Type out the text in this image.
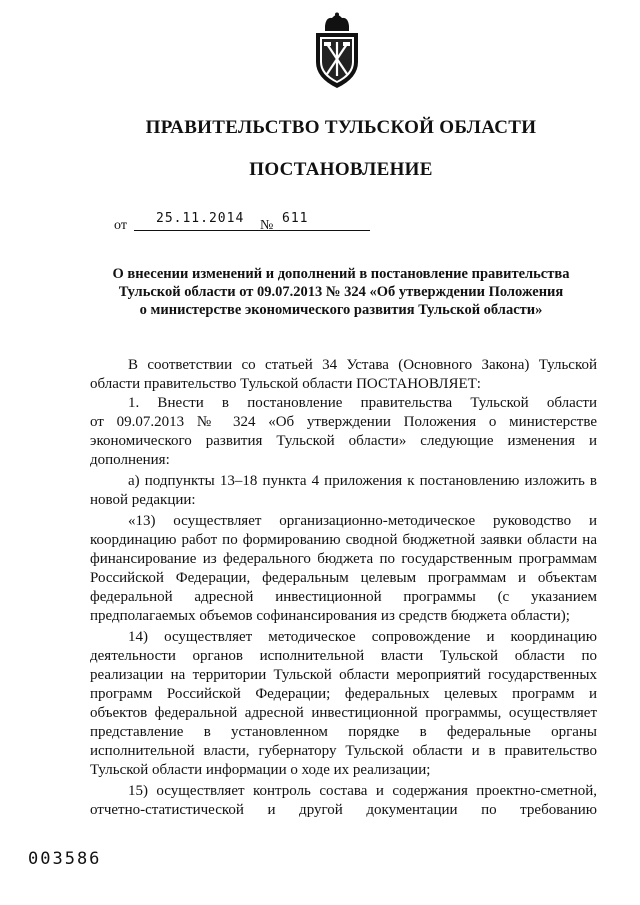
ПРАВИТЕЛЬСТВО ТУЛЬСКОЙ ОБЛАСТИ
ПОСТАНОВЛЕНИЕ
от 25.11.2014 № 611
О внесении изменений и дополнений в постановление правительства
Тульской области от 09.07.2013 № 324 «Об утверждении Положения
о министерстве экономического развития Тульской области»
В соответствии со статьей 34 Устава (Основного Закона) Тульской
области правительство Тульской области ПОСТАНОВЛЯЕТ:
1. Внести в постановление правительства Тульской области
от 09.07.2013 № 324 «Об утверждении Положения о министерстве
экономического развития Тульской области» следующие изменения и
дополнения:
а) подпункты 13–18 пункта 4 приложения к постановлению изложить в
новой редакции:
«13) осуществляет организационно-методическое руководство и
координацию работ по формированию сводной бюджетной заявки области на
финансирование из федерального бюджета по государственным программам
Российской Федерации, федеральным целевым программам и объектам
федеральной адресной инвестиционной программы (с указанием
предполагаемых объемов софинансирования из средств бюджета области);
14) осуществляет методическое сопровождение и координацию
деятельности органов исполнительной власти Тульской области по
реализации на территории Тульской области мероприятий государственных
программ Российской Федерации; федеральных целевых программ и
объектов федеральной адресной инвестиционной программы, осуществляет
представление в установленном порядке в федеральные органы
исполнительной власти, губернатору Тульской области и в правительство
Тульской области информации о ходе их реализации;
15) осуществляет контроль состава и содержания проектно-сметной,
отчетно-статистической и другой документации по требованию
003586
